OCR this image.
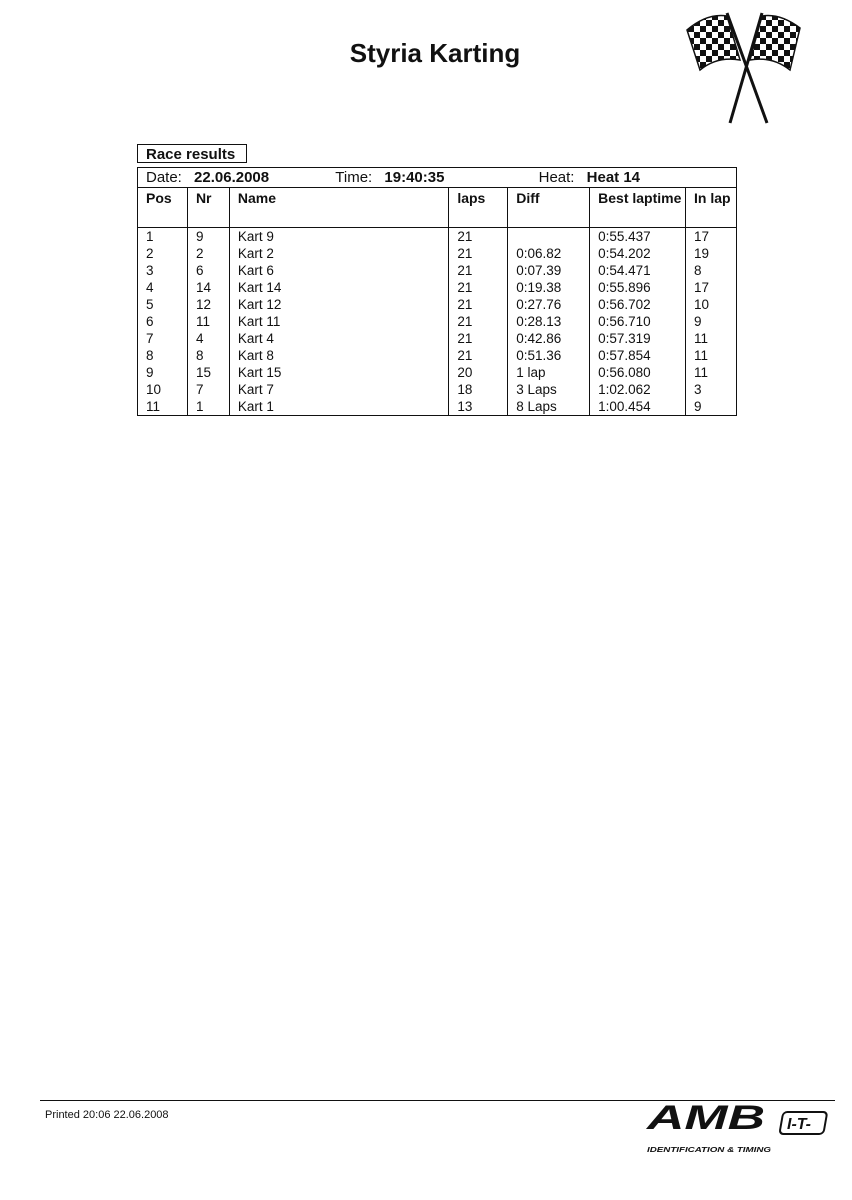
Styria Karting
Race results
Date: 22.06.2008 Time: 19:40:35 Heat: Heat 14						
Pos	Nr	Name	laps	Diff	Best laptime	In lap
1	9	Kart 9	21		0:55.437	17
2	2	Kart 2	21	0:06.82	0:54.202	19
3	6	Kart 6	21	0:07.39	0:54.471	8
4	14	Kart 14	21	0:19.38	0:55.896	17
5	12	Kart 12	21	0:27.76	0:56.702	10
6	11	Kart 11	21	0:28.13	0:56.710	9
7	4	Kart 4	21	0:42.86	0:57.319	11
8	8	Kart 8	21	0:51.36	0:57.854	11
9	15	Kart 15	20	1 lap	0:56.080	11
10	7	Kart 7	18	3 Laps	1:02.062	3
11	1	Kart 1	13	8 Laps	1:00.454	9
Printed 20:06 22.06.2008	AMB I-T-
IDENTIFICATION & TIMING
